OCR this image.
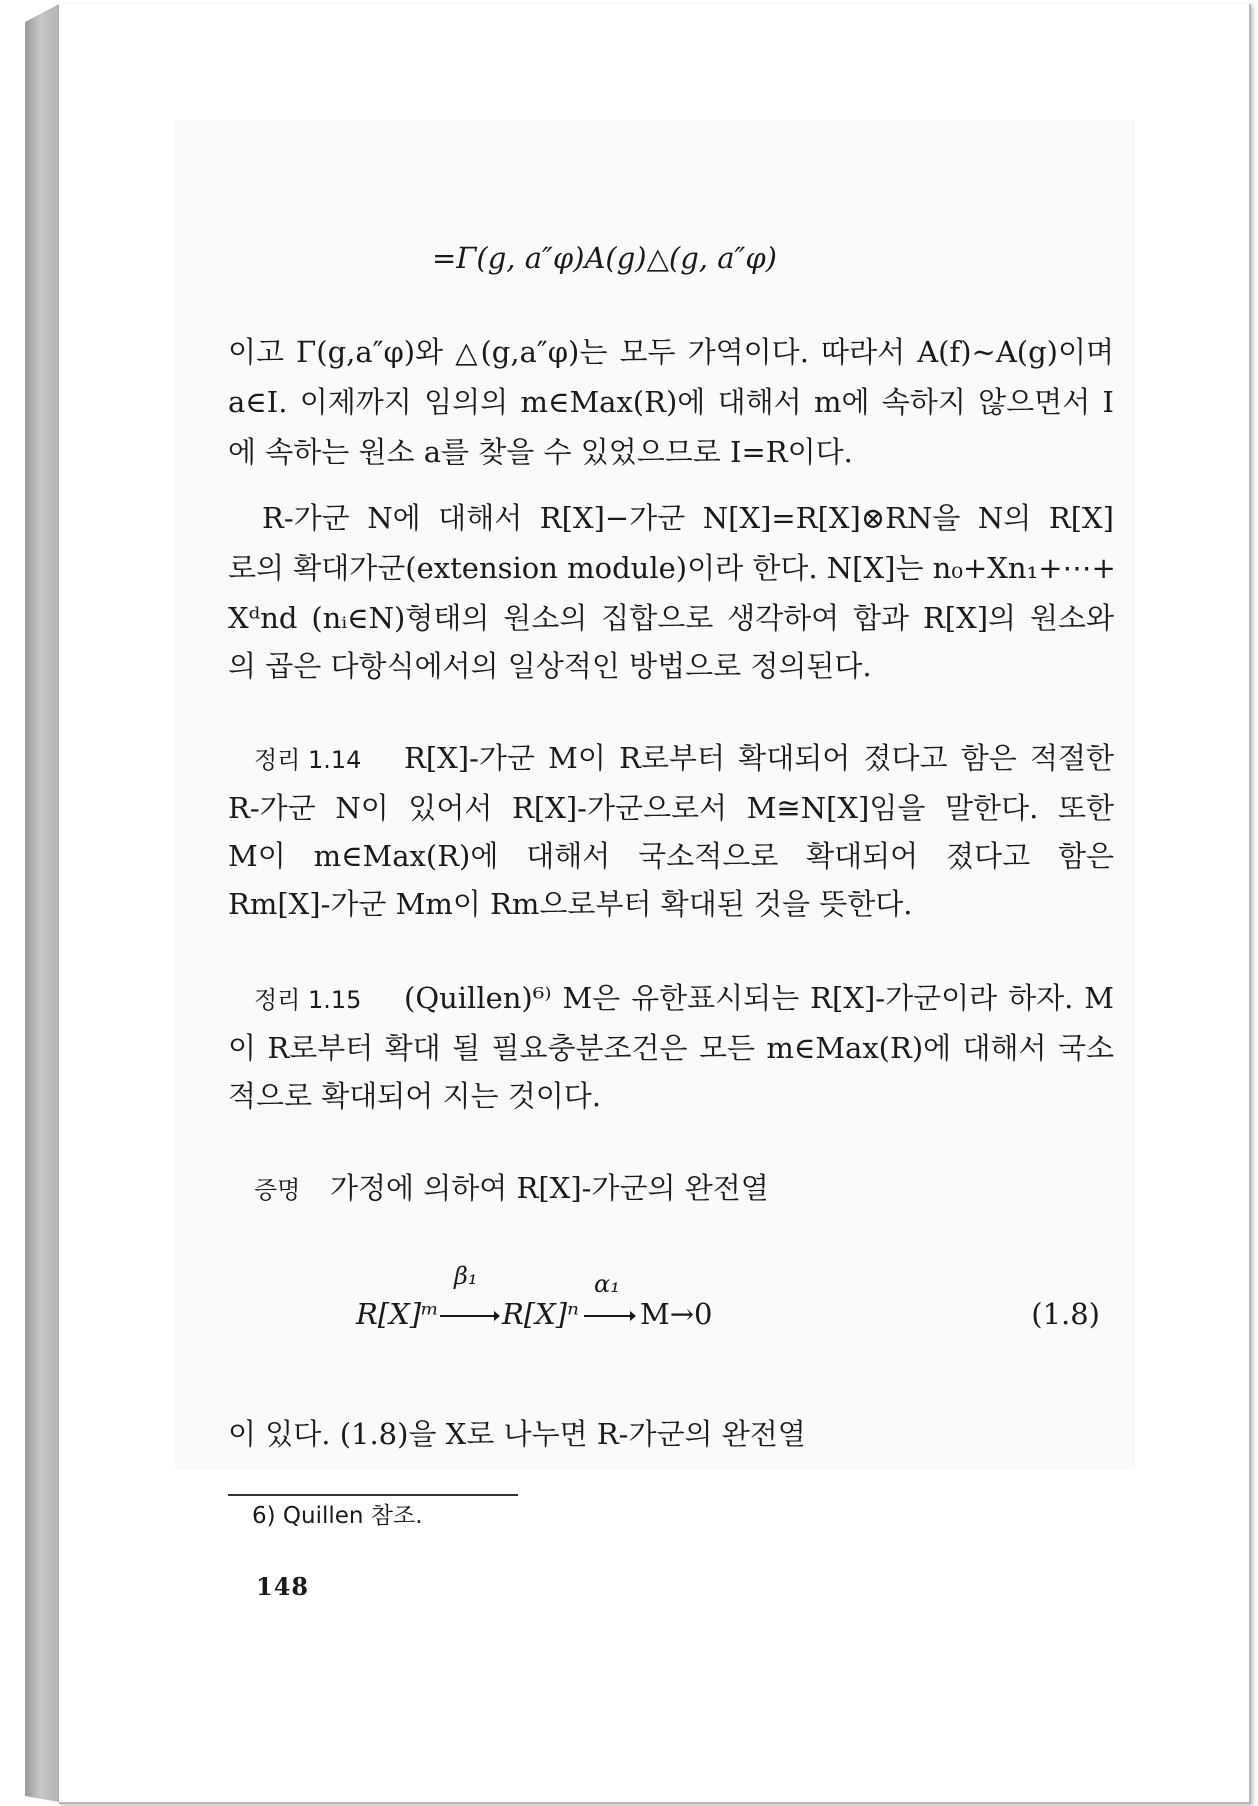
=Γ(g, a″φ)A(g)△(g, a″φ)
이고 Γ(g,a″φ)와 △(g,a″φ)는 모두 가역이다. 따라서 A(f)∼A(g)이며
a∈I. 이제까지 임의의 m∈Max(R)에 대해서 m에 속하지 않으면서 I
에 속하는 원소 a를 찾을 수 있었으므로 I=R이다.
R-가군 N에 대해서 R[X]−가군 N[X]=R[X]⊗RN을 N의 R[X]
로의 확대가군(extension module)이라 한다. N[X]는 n₀+Xn₁+⋯+
Xᵈnd (nᵢ∈N)형태의 원소의 집합으로 생각하여 합과 R[X]의 원소와
의 곱은 다항식에서의 일상적인 방법으로 정의된다.
정리 1.14 R[X]-가군 M이 R로부터 확대되어 졌다고 함은 적절한
R-가군 N이 있어서 R[X]-가군으로서 M≅N[X]임을 말한다. 또한
M이 m∈Max(R)에 대해서 국소적으로 확대되어 졌다고 함은
Rm[X]-가군 Mm이 Rm으로부터 확대된 것을 뜻한다.
정리 1.15 (Quillen)⁶⁾ M은 유한표시되는 R[X]-가군이라 하자. M
이 R로부터 확대 될 필요충분조건은 모든 m∈Max(R)에 대해서 국소
적으로 확대되어 지는 것이다.
증명 가정에 의하여 R[X]-가군의 완전열
R[X]ᵐ
β₁
R[X]ⁿ
α₁
M→0	(1.8)
이 있다. (1.8)을 X로 나누면 R-가군의 완전열
6) Quillen 참조.
148
